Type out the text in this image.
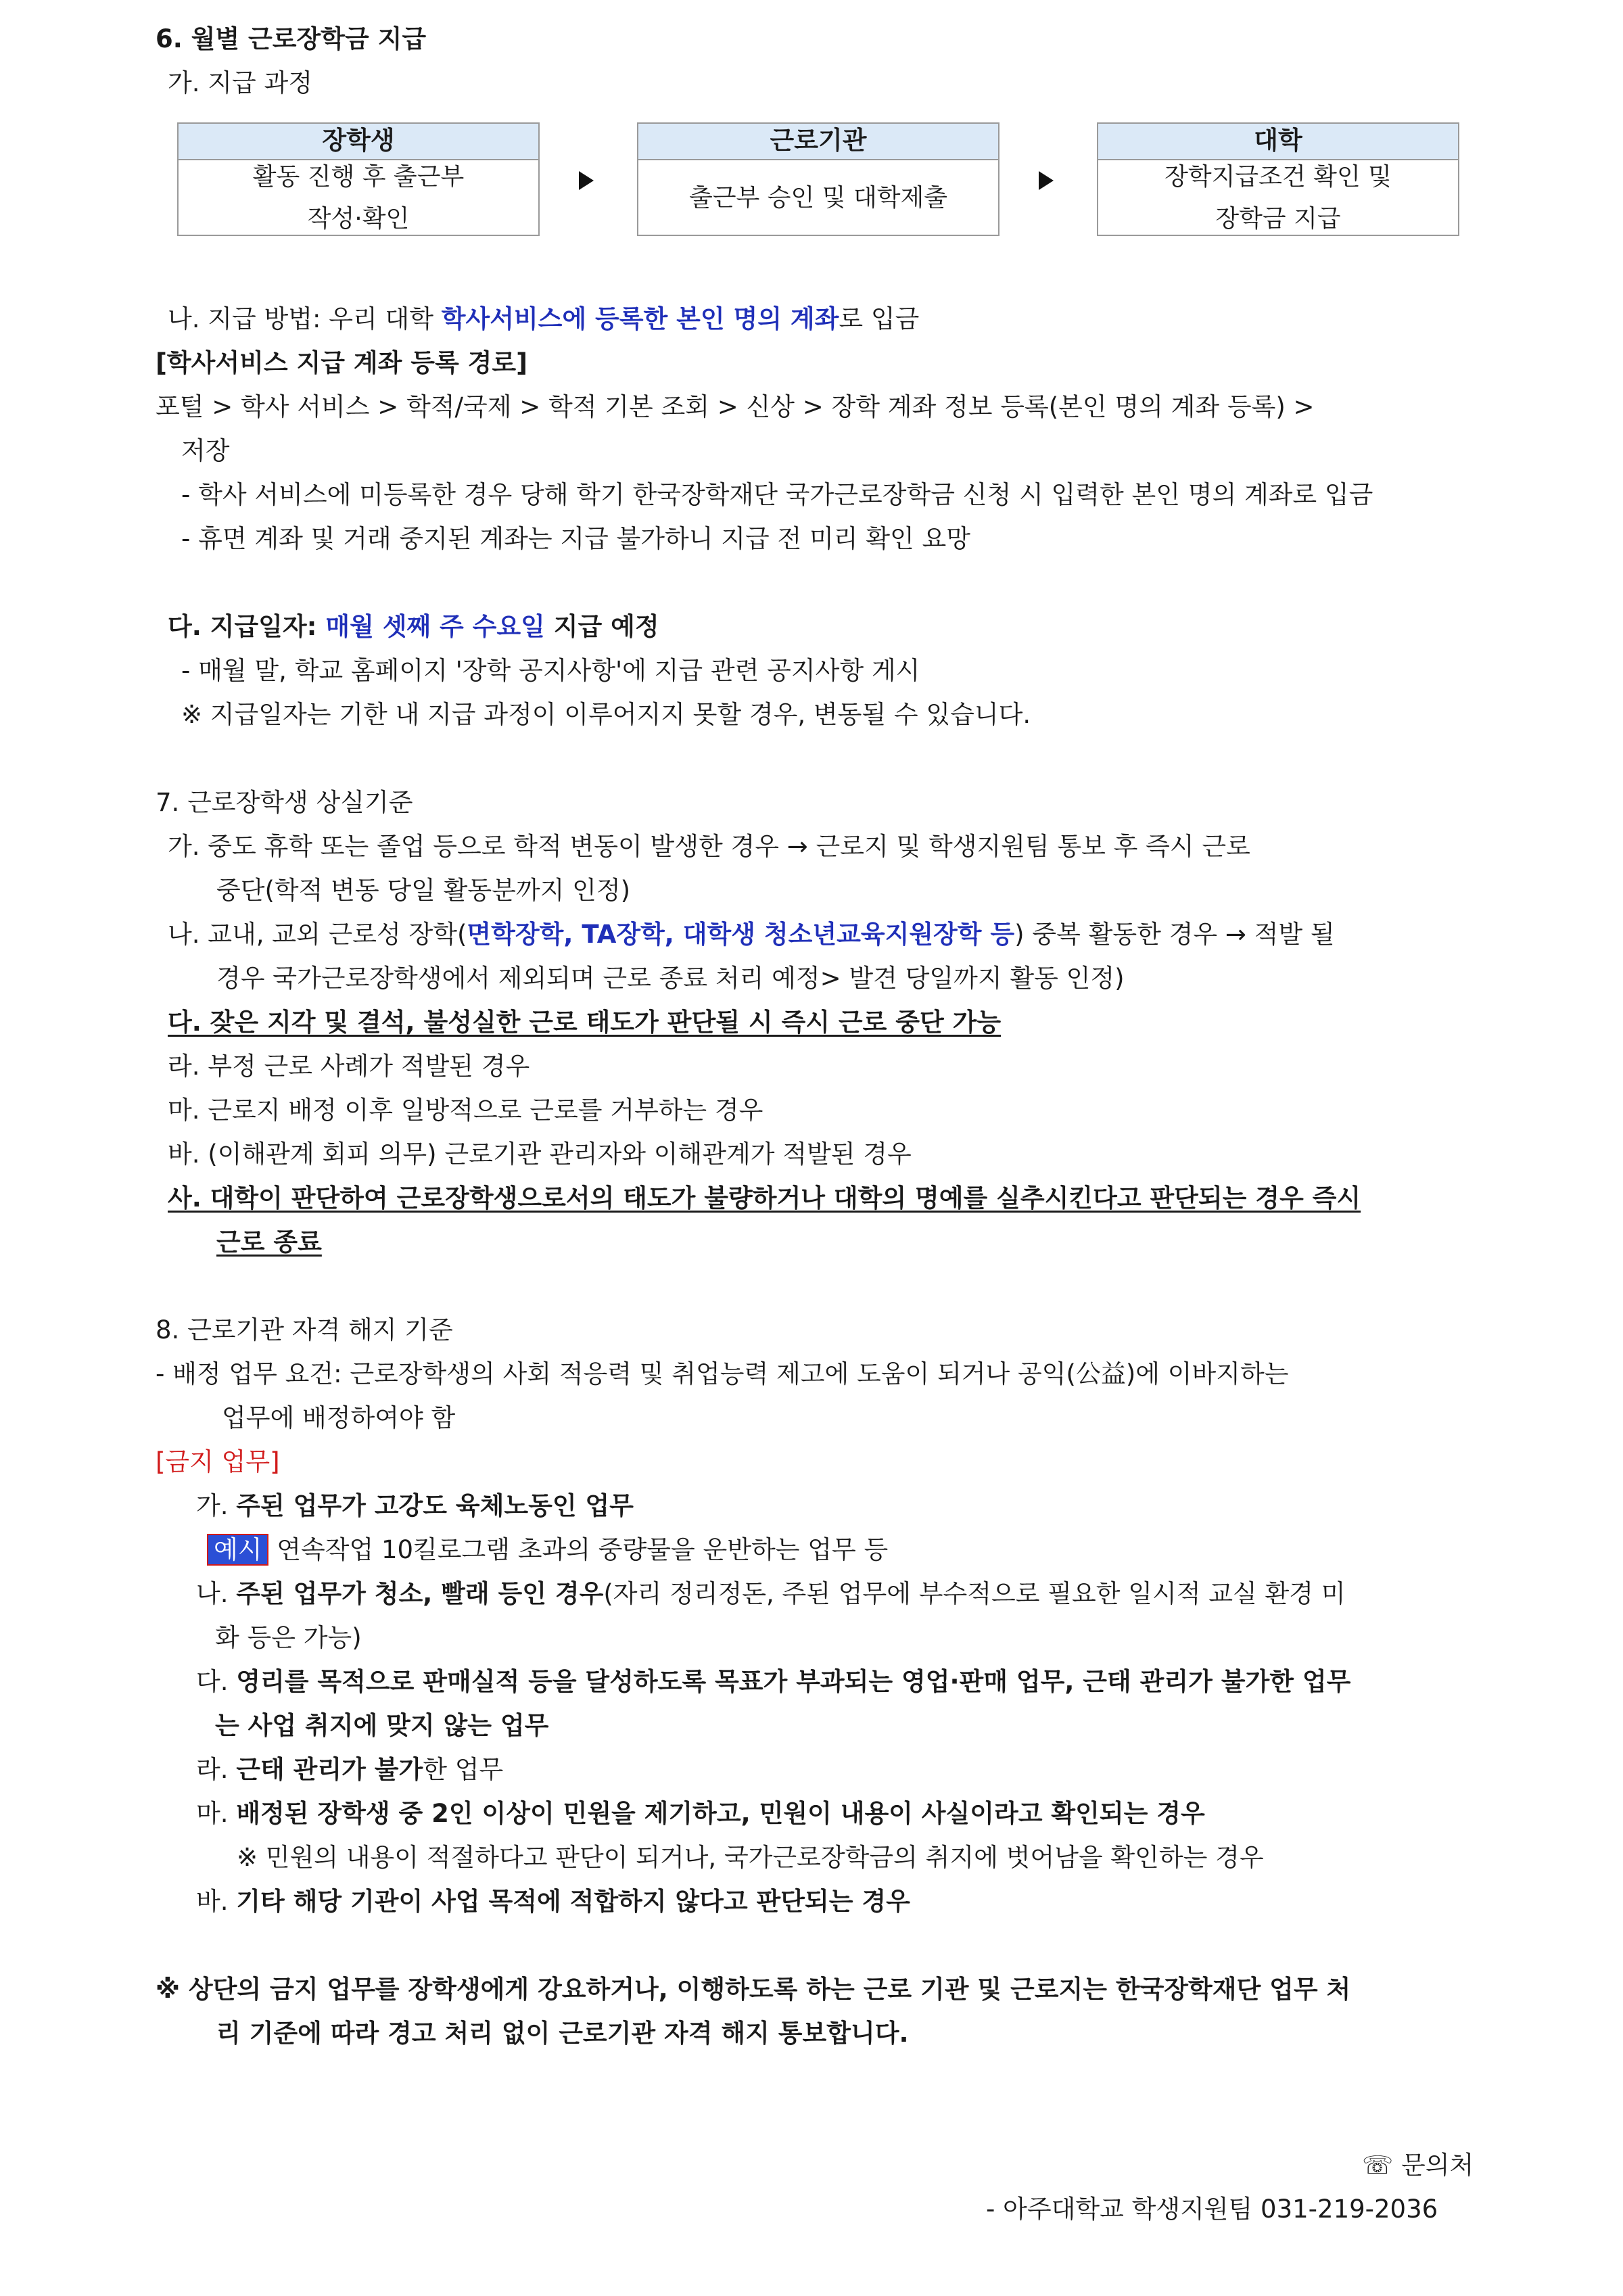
6. 월별 근로장학금 지급
가. 지급 과정
장학생
활동 진행 후 출근부
작성·확인
근로기관
출근부 승인 및 대학제출
대학
장학지급조건 확인 및
장학금 지급
나. 지급 방법: 우리 대학 학사서비스에 등록한 본인 명의 계좌로 입금
[학사서비스 지급 계좌 등록 경로]
포털 > 학사 서비스 > 학적/국제 > 학적 기본 조회 > 신상 > 장학 계좌 정보 등록(본인 명의 계좌 등록) >
저장
- 학사 서비스에 미등록한 경우 당해 학기 한국장학재단 국가근로장학금 신청 시 입력한 본인 명의 계좌로 입금
- 휴면 계좌 및 거래 중지된 계좌는 지급 불가하니 지급 전 미리 확인 요망
다. 지급일자: 매월 셋째 주 수요일 지급 예정
- 매월 말, 학교 홈페이지 '장학 공지사항'에 지급 관련 공지사항 게시
※ 지급일자는 기한 내 지급 과정이 이루어지지 못할 경우, 변동될 수 있습니다.
7. 근로장학생 상실기준
가. 중도 휴학 또는 졸업 등으로 학적 변동이 발생한 경우 → 근로지 및 학생지원팀 통보 후 즉시 근로
중단(학적 변동 당일 활동분까지 인정)
나. 교내, 교외 근로성 장학(면학장학, TA장학, 대학생 청소년교육지원장학 등) 중복 활동한 경우 → 적발 될
경우 국가근로장학생에서 제외되며 근로 종료 처리 예정> 발견 당일까지 활동 인정)
다. 잦은 지각 및 결석, 불성실한 근로 태도가 판단될 시 즉시 근로 중단 가능
라. 부정 근로 사례가 적발된 경우
마. 근로지 배정 이후 일방적으로 근로를 거부하는 경우
바. (이해관계 회피 의무) 근로기관 관리자와 이해관계가 적발된 경우
사. 대학이 판단하여 근로장학생으로서의 태도가 불량하거나 대학의 명예를 실추시킨다고 판단되는 경우 즉시
근로 종료
8. 근로기관 자격 해지 기준
- 배정 업무 요건: 근로장학생의 사회 적응력 및 취업능력 제고에 도움이 되거나 공익(公益)에 이바지하는
업무에 배정하여야 함
[금지 업무]
가. 주된 업무가 고강도 육체노동인 업무
예시 연속작업 10킬로그램 초과의 중량물을 운반하는 업무 등
나. 주된 업무가 청소, 빨래 등인 경우(자리 정리정돈, 주된 업무에 부수적으로 필요한 일시적 교실 환경 미
화 등은 가능)
다. 영리를 목적으로 판매실적 등을 달성하도록 목표가 부과되는 영업·판매 업무, 근태 관리가 불가한 업무
는 사업 취지에 맞지 않는 업무
라. 근태 관리가 불가한 업무
마. 배정된 장학생 중 2인 이상이 민원을 제기하고, 민원이 내용이 사실이라고 확인되는 경우
※ 민원의 내용이 적절하다고 판단이 되거나, 국가근로장학금의 취지에 벗어남을 확인하는 경우
바. 기타 해당 기관이 사업 목적에 적합하지 않다고 판단되는 경우
※ 상단의 금지 업무를 장학생에게 강요하거나, 이행하도록 하는 근로 기관 및 근로지는 한국장학재단 업무 처
리 기준에 따라 경고 처리 없이 근로기관 자격 해지 통보합니다.
☏ 문의처
- 아주대학교 학생지원팀 031-219-2036
